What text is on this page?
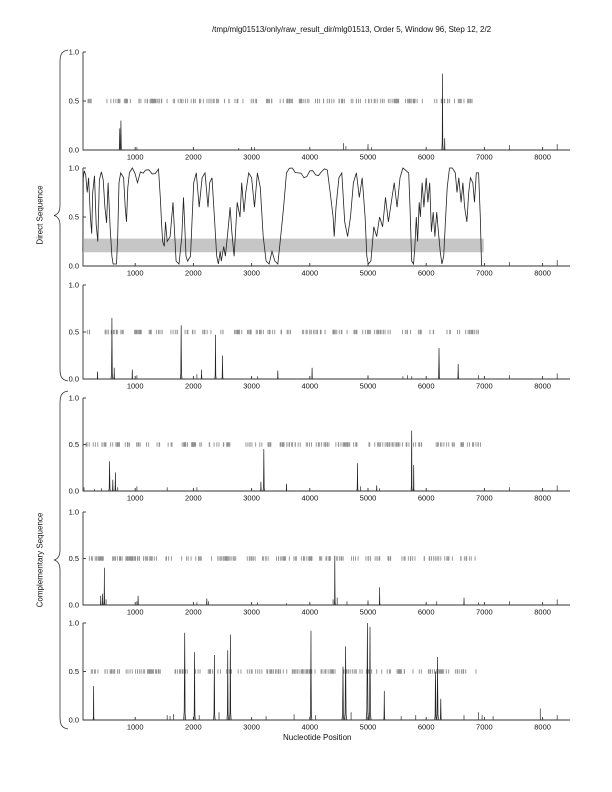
/tmp/mlg01513/only/raw_result_dir/mlg01513, Order 5, Window 96, Step 12, 2/2
0.0
0.5
1.0
1000	2000	3000	4000	5000	6000	7000	8000
0.0
0.5
1.0
1000	2000	3000	4000	5000	6000	7000	8000
0.0
0.5
1.0
1000	2000	3000	4000	5000	6000	7000	8000
0.0
0.5
1.0
1000	2000	3000	4000	5000	6000	7000	8000
0.0
0.5
1.0
1000	2000	3000	4000	5000	6000	7000	8000
0.0
0.5
1.0
1000	2000	3000	4000	5000	6000	7000	8000
Direct Sequence
Complementary Sequence
Nucleotide Position
